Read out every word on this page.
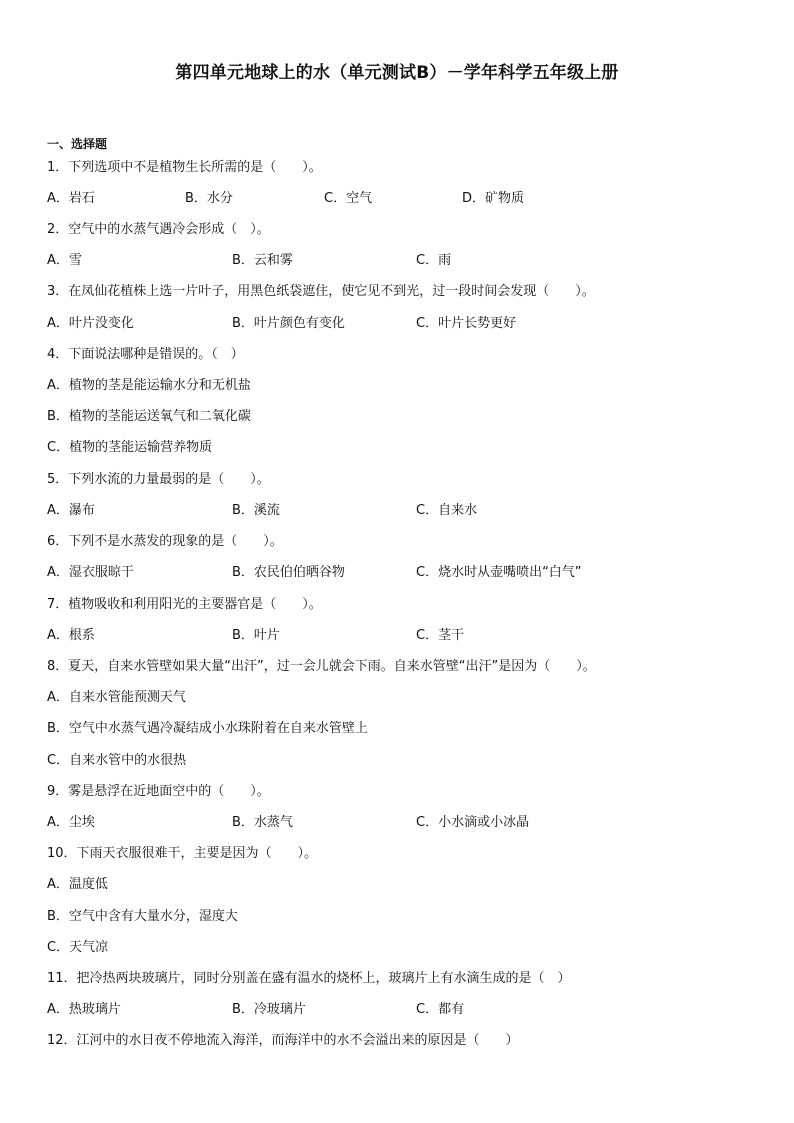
第四单元地球上的水（单元测试B）－学年科学五年级上册
一、选择题
1．下列选项中不是植物生长所需的是（　　）。
A．岩石	B．水分	C．空气	D．矿物质
2．空气中的水蒸气遇冷会形成（　）。
A．雪	B．云和雾	C．雨
3．在凤仙花植株上选一片叶子，用黑色纸袋遮住，使它见不到光，过一段时间会发现（　　）。
A．叶片没变化	B．叶片颜色有变化	C．叶片长势更好
4．下面说法哪种是错误的。（　）
A．植物的茎是能运输水分和无机盐
B．植物的茎能运送氧气和二氧化碳
C．植物的茎能运输营养物质
5．下列水流的力量最弱的是（　　）。
A．瀑布	B．溪流	C．自来水
6．下列不是水蒸发的现象的是（　　）。
A．湿衣服晾干	B．农民伯伯晒谷物	C．烧水时从壶嘴喷出“白气”
7．植物吸收和利用阳光的主要器官是（　　）。
A．根系	B．叶片	C．茎干
8．夏天，自来水管壁如果大量“出汗”，过一会儿就会下雨。自来水管壁“出汗”是因为（　　）。
A．自来水管能预测天气
B．空气中水蒸气遇冷凝结成小水珠附着在自来水管壁上
C．自来水管中的水很热
9．雾是悬浮在近地面空中的（　　）。
A．尘埃	B．水蒸气	C．小水滴或小冰晶
10．下雨天衣服很难干，主要是因为（　　）。
A．温度低
B．空气中含有大量水分，湿度大
C．天气凉
11．把冷热两块玻璃片，同时分别盖在盛有温水的烧杯上，玻璃片上有水滴生成的是（　）
A．热玻璃片	B．冷玻璃片	C．都有
12．江河中的水日夜不停地流入海洋，而海洋中的水不会溢出来的原因是（　　）
